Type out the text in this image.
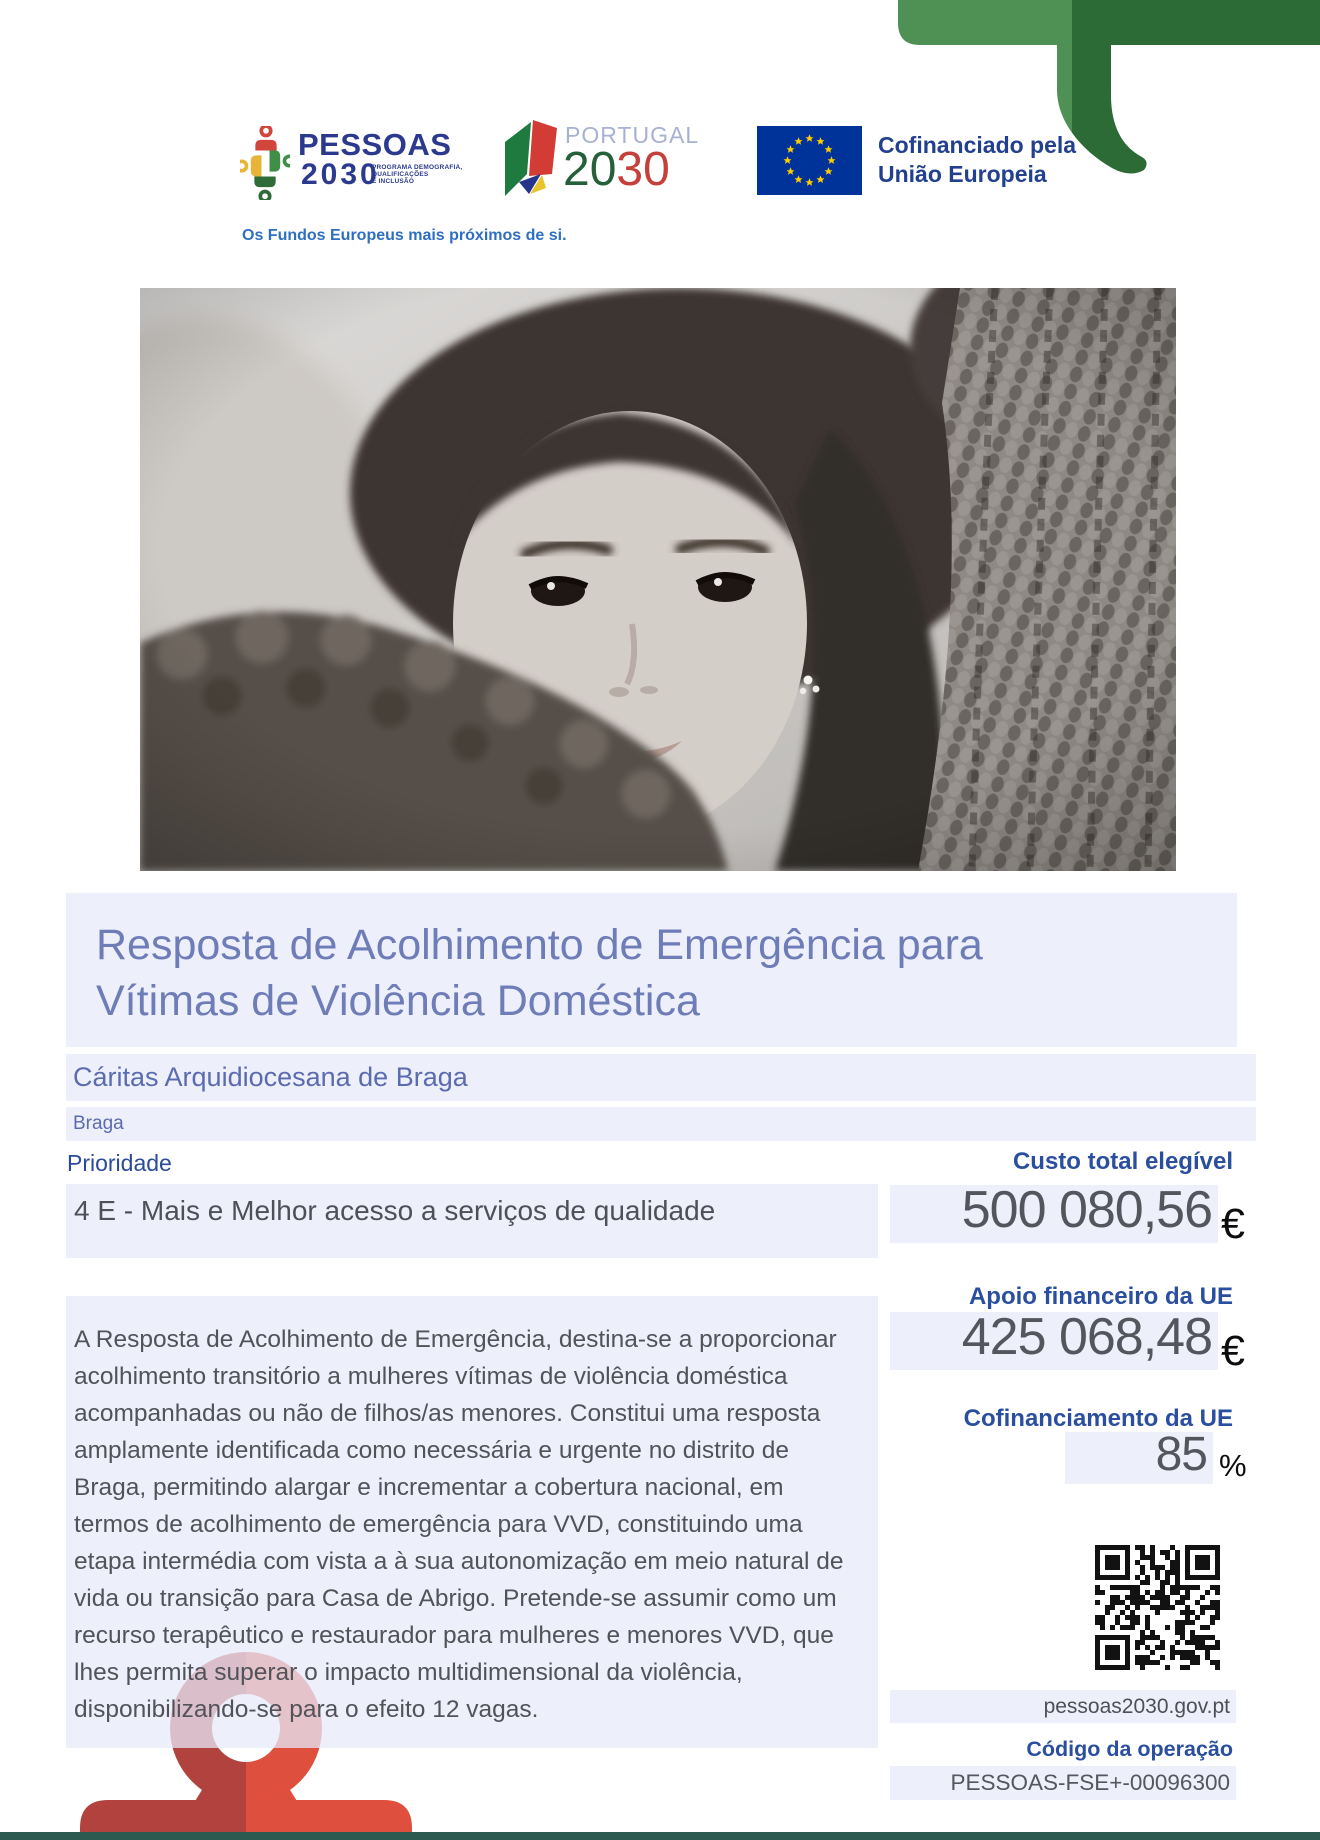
PESSOAS
2030
PROGRAMA DEMOGRAFIA,
QUALIFICAÇÕES
E INCLUSÃO
PORTUGAL
2030	Cofinanciado pela
União Europeia
Os Fundos Europeus mais próximos de si.
Resposta de Acolhimento de Emergência para Vítimas de Violência Doméstica
Cáritas Arquidiocesana de Braga
Braga
Prioridade
4 E - Mais e Melhor acesso a serviços de qualidade
A Resposta de Acolhimento de Emergência, destina-se a proporcionar acolhimento transitório a mulheres vítimas de violência doméstica acompanhadas ou não de filhos/as menores. Constitui uma resposta amplamente identificada como necessária e urgente no distrito de Braga, permitindo alargar e incrementar a cobertura nacional, em termos de acolhimento de emergência para VVD, constituindo uma etapa intermédia com vista a à sua autonomização em meio natural de vida ou transição para Casa de Abrigo. Pretende-se assumir como um recurso terapêutico e restaurador para mulheres e menores VVD, que lhes permita superar o impacto multidimensional da violência, disponibilizando-se para o efeito 12 vagas.
Custo total elegível
500 080,56 €
Apoio financeiro da UE
425 068,48 €
Cofinanciamento da UE
85 %
pessoas2030.gov.pt
Código da operação
PESSOAS-FSE+-00096300
